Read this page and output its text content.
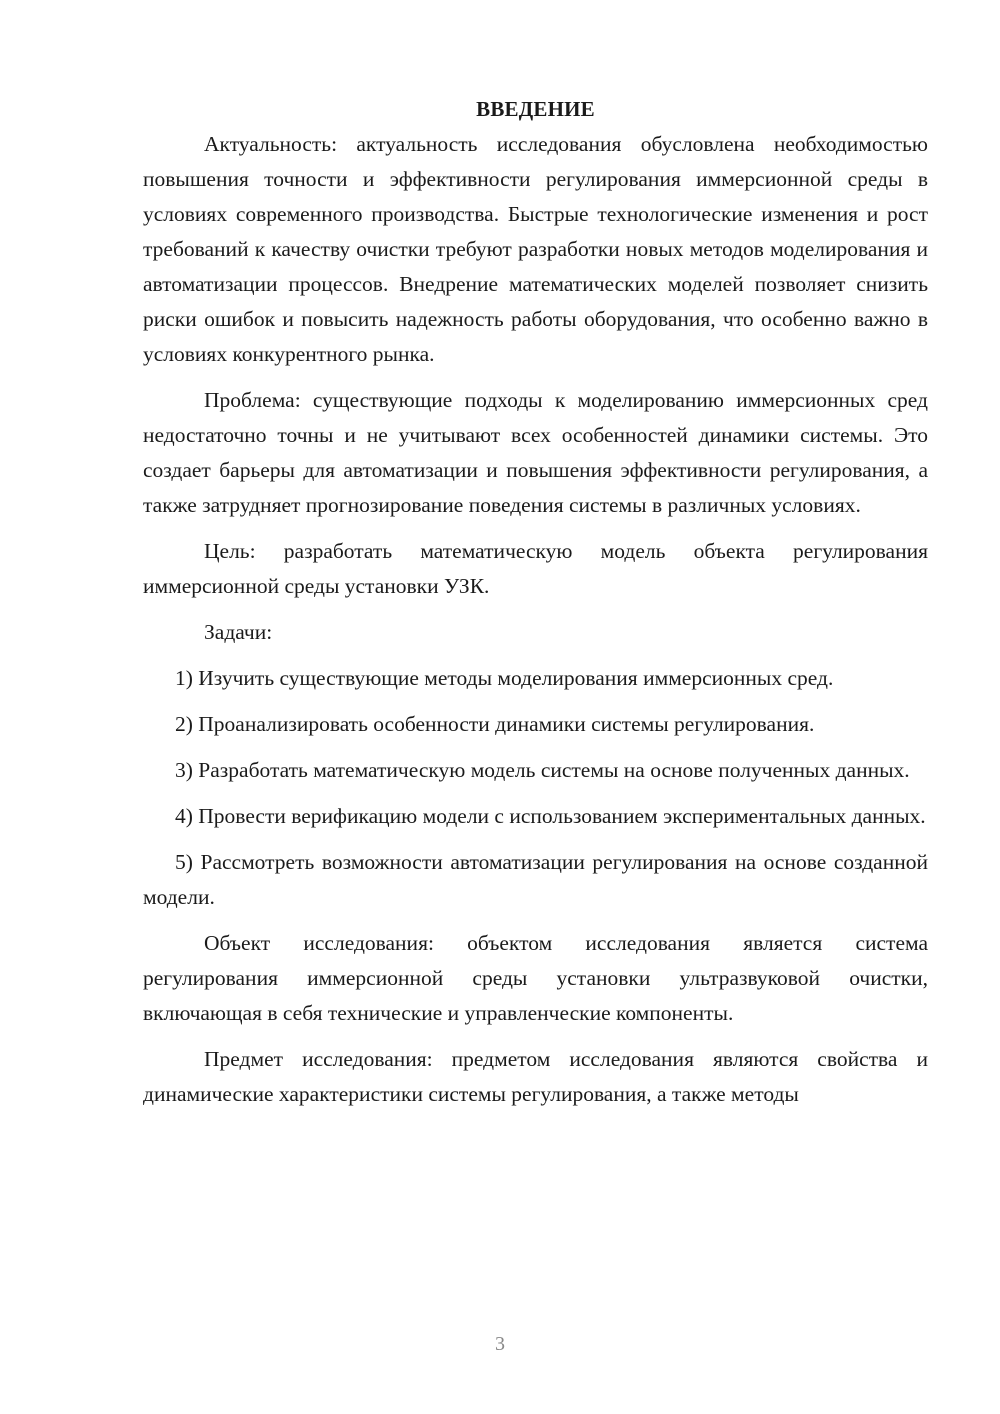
ВВЕДЕНИЕ

Актуальность: актуальность исследования обусловлена необходимостью повышения точности и эффективности регулирования иммерсионной среды в условиях современного производства. Быстрые технологические изменения и рост требований к качеству очистки требуют разработки новых методов моделирования и автоматизации процессов. Внедрение математических моделей позволяет снизить риски ошибок и повысить надежность работы оборудования, что особенно важно в условиях конкурентного рынка.

Проблема: существующие подходы к моделированию иммерсионных сред недостаточно точны и не учитывают всех особенностей динамики системы. Это создает барьеры для автоматизации и повышения эффективности регулирования, а также затрудняет прогнозирование поведения системы в различных условиях.

Цель: разработать математическую модель объекта регулирования иммерсионной среды установки УЗК.

Задачи:

1) Изучить существующие методы моделирования иммерсионных сред.

2) Проанализировать особенности динамики системы регулирования.

3) Разработать математическую модель системы на основе полученных данных.

4) Провести верификацию модели с использованием экспериментальных данных.

5) Рассмотреть возможности автоматизации регулирования на основе созданной модели.

Объект исследования: объектом исследования является система регулирования иммерсионной среды установки ультразвуковой очистки, включающая в себя технические и управленческие компоненты.

Предмет исследования: предметом исследования являются свойства и динамические характеристики системы регулирования, а также методы

3
